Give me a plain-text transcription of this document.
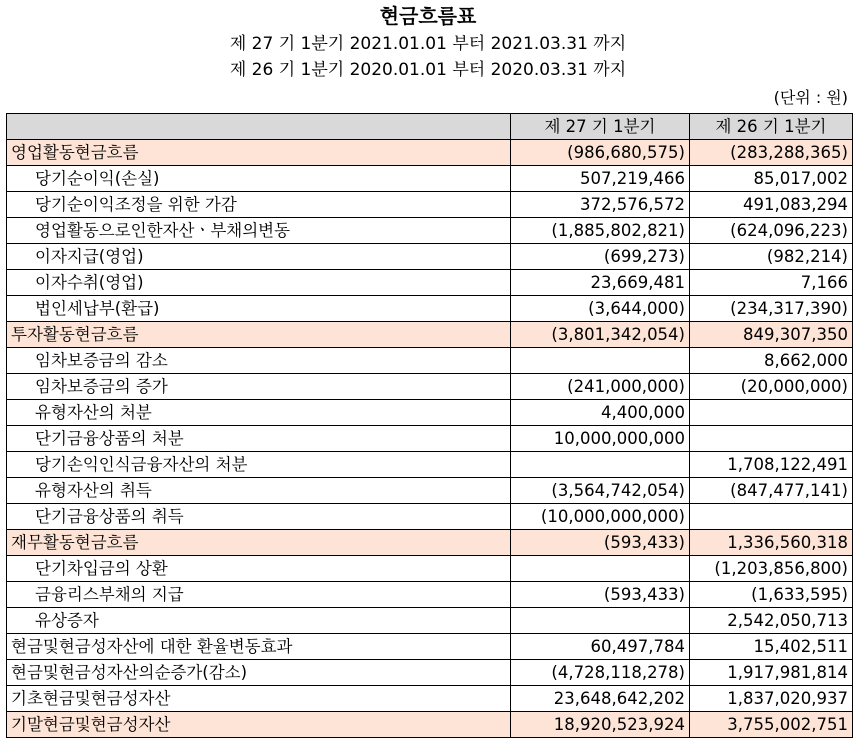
현금흐름표
제 27 기 1분기 2021.01.01 부터 2021.03.31 까지
제 26 기 1분기 2020.01.01 부터 2020.03.31 까지
(단위 : 원)
	제 27 기 1분기	제 26 기 1분기
영업활동현금흐름	(986,680,575)	(283,288,365)
당기순이익(손실)	507,219,466	85,017,002
당기순이익조정을 위한 가감	372,576,572	491,083,294
영업활동으로인한자산ㆍ부채의변동	(1,885,802,821)	(624,096,223)
이자지급(영업)	(699,273)	(982,214)
이자수취(영업)	23,669,481	7,166
법인세납부(환급)	(3,644,000)	(234,317,390)
투자활동현금흐름	(3,801,342,054)	849,307,350
임차보증금의 감소		8,662,000
임차보증금의 증가	(241,000,000)	(20,000,000)
유형자산의 처분	4,400,000	
단기금융상품의 처분	10,000,000,000	
당기손익인식금융자산의 처분		1,708,122,491
유형자산의 취득	(3,564,742,054)	(847,477,141)
단기금융상품의 취득	(10,000,000,000)	
재무활동현금흐름	(593,433)	1,336,560,318
단기차입금의 상환		(1,203,856,800)
금융리스부채의 지급	(593,433)	(1,633,595)
유상증자		2,542,050,713
현금및현금성자산에 대한 환율변동효과	60,497,784	15,402,511
현금및현금성자산의순증가(감소)	(4,728,118,278)	1,917,981,814
기초현금및현금성자산	23,648,642,202	1,837,020,937
기말현금및현금성자산	18,920,523,924	3,755,002,751
